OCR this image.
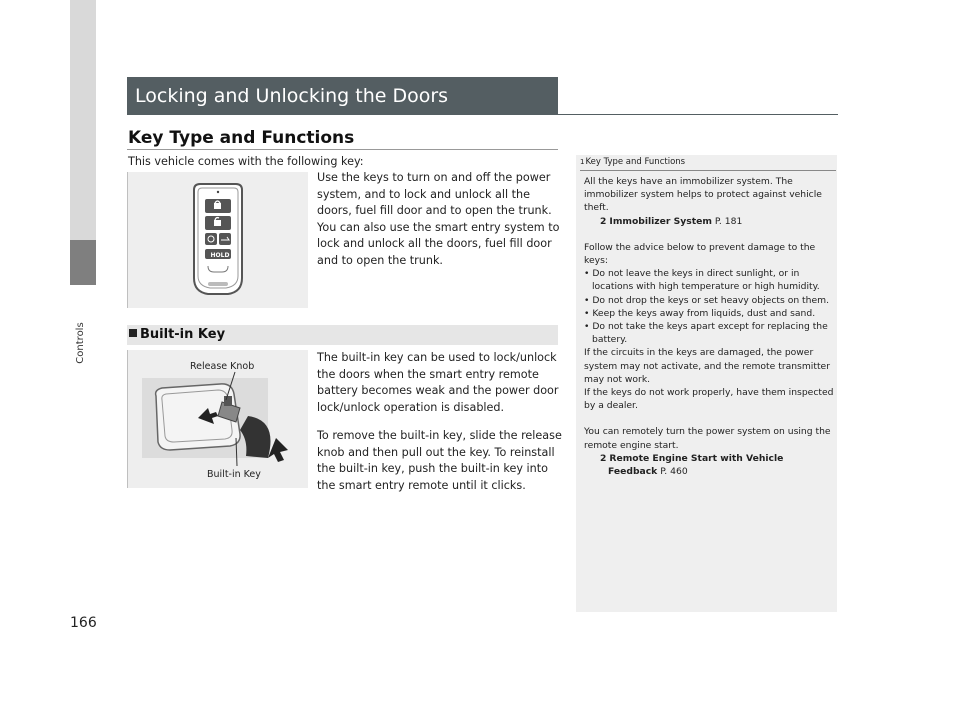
Controls
166
Locking and Unlocking the Doors
Key Type and Functions
This vehicle comes with the following key:
HOLD
Use the keys to turn on and off the power system, and to lock and unlock all the doors, fuel fill door and to open the trunk. You can also use the smart entry system to lock and unlock all the doors, fuel fill door and to open the trunk.
Built-in Key
Release Knob
Built-in Key
The built-in key can be used to lock/unlock the doors when the smart entry remote battery becomes weak and the power door lock/unlock operation is disabled.
To remove the built-in key, slide the release knob and then pull out the key. To reinstall the built-in key, push the built-in key into the smart entry remote until it clicks.
1Key Type and Functions

All the keys have an immobilizer system. The immobilizer system helps to protect against vehicle theft.

2 Immobilizer System P. 181

Follow the advice below to prevent damage to the keys:

• Do not leave the keys in direct sunlight, or in locations with high temperature or high humidity.

• Do not drop the keys or set heavy objects on them.

• Keep the keys away from liquids, dust and sand.

• Do not take the keys apart except for replacing the battery.

If the circuits in the keys are damaged, the power system may not activate, and the remote transmitter may not work.

If the keys do not work properly, have them inspected by a dealer.

You can remotely turn the power system on using the remote engine start.

2 Remote Engine Start with Vehicle

Feedback P. 460
